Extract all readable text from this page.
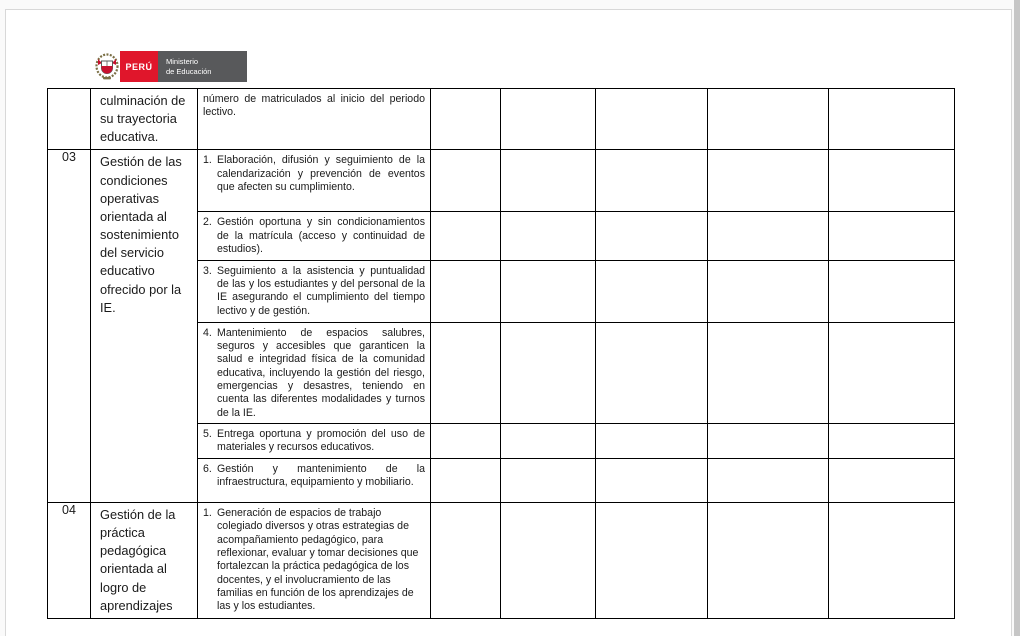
PERÚ	Ministerio
de Educación
	culminación de su trayectoria educativa.	número de matriculados al inicio del periodo lectivo.					

03	Gestión de las condiciones operativas orientada al sostenimiento del servicio educativo ofrecido por la IE.	1. Elaboración, difusión y seguimiento de la calendarización y prevención de eventos que afecten su cumplimiento.					

		2. Gestión oportuna y sin condicionamientos de la matrícula (acceso y continuidad de estudios).					

		3. Seguimiento a la asistencia y puntualidad de las y los estudiantes y del personal de la IE asegurando el cumplimiento del tiempo lectivo y de gestión.					

		4. Mantenimiento de espacios salubres, seguros y accesibles que garanticen la salud e integridad física de la comunidad educativa, incluyendo la gestión del riesgo, emergencias y desastres, teniendo en cuenta las diferentes modalidades y turnos de la IE.					

		5. Entrega oportuna y promoción del uso de materiales y recursos educativos.					

		6. Gestión y mantenimiento de la infraestructura, equipamiento y mobiliario.					

04	Gestión de la práctica pedagógica orientada al logro de aprendizajes	1. Generación de espacios de trabajo colegiado diversos y otras estrategias de acompañamiento pedagógico, para reflexionar, evaluar y tomar decisiones que fortalezcan la práctica pedagógica de los docentes, y el involucramiento de las familias en función de los aprendizajes de las y los estudiantes.					
